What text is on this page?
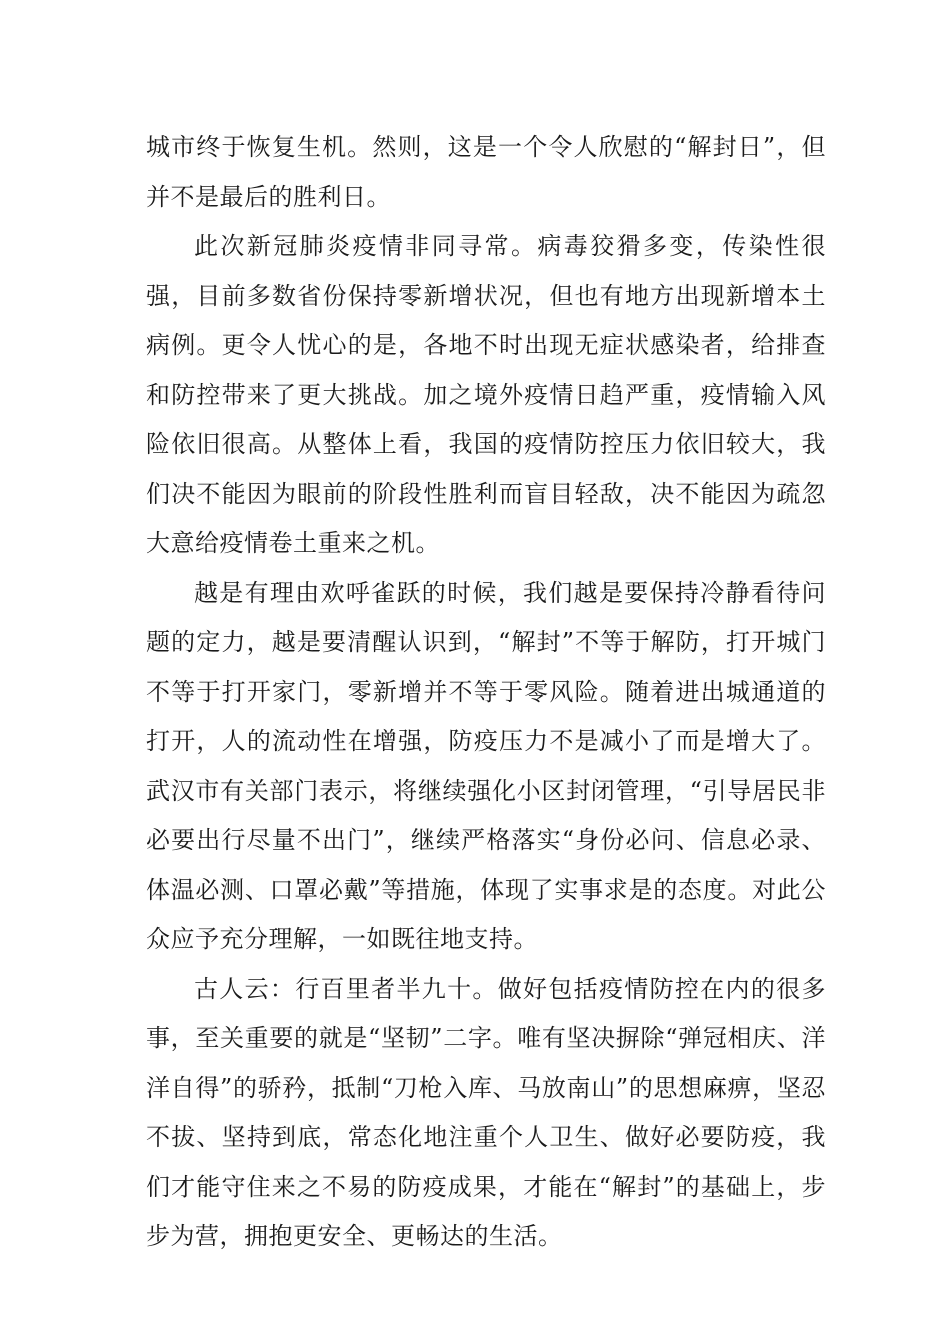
城市终于恢复生机。然则，这是一个令人欣慰的“解封日”，但并不是最后的胜利日。

此次新冠肺炎疫情非同寻常。病毒狡猾多变，传染性很强，目前多数省份保持零新增状况，但也有地方出现新增本土病例。更令人忧心的是，各地不时出现无症状感染者，给排查和防控带来了更大挑战。加之境外疫情日趋严重，疫情输入风险依旧很高。从整体上看，我国的疫情防控压力依旧较大，我们决不能因为眼前的阶段性胜利而盲目轻敌，决不能因为疏忽大意给疫情卷土重来之机。

越是有理由欢呼雀跃的时候，我们越是要保持冷静看待问题的定力，越是要清醒认识到，“解封”不等于解防，打开城门不等于打开家门，零新增并不等于零风险。随着进出城通道的打开，人的流动性在增强，防疫压力不是减小了而是增大了。武汉市有关部门表示，将继续强化小区封闭管理，“引导居民非必要出行尽量不出门”，继续严格落实“身份必问、信息必录、体温必测、口罩必戴”等措施，体现了实事求是的态度。对此公众应予充分理解，一如既往地支持。

古人云：行百里者半九十。做好包括疫情防控在内的很多事，至关重要的就是“坚韧”二字。唯有坚决摒除“弹冠相庆、洋洋自得”的骄矜，抵制“刀枪入库、马放南山”的思想麻痹，坚忍不拔、坚持到底，常态化地注重个人卫生、做好必要防疫，我们才能守住来之不易的防疫成果，才能在“解封”的基础上，步步为营，拥抱更安全、更畅达的生活。
